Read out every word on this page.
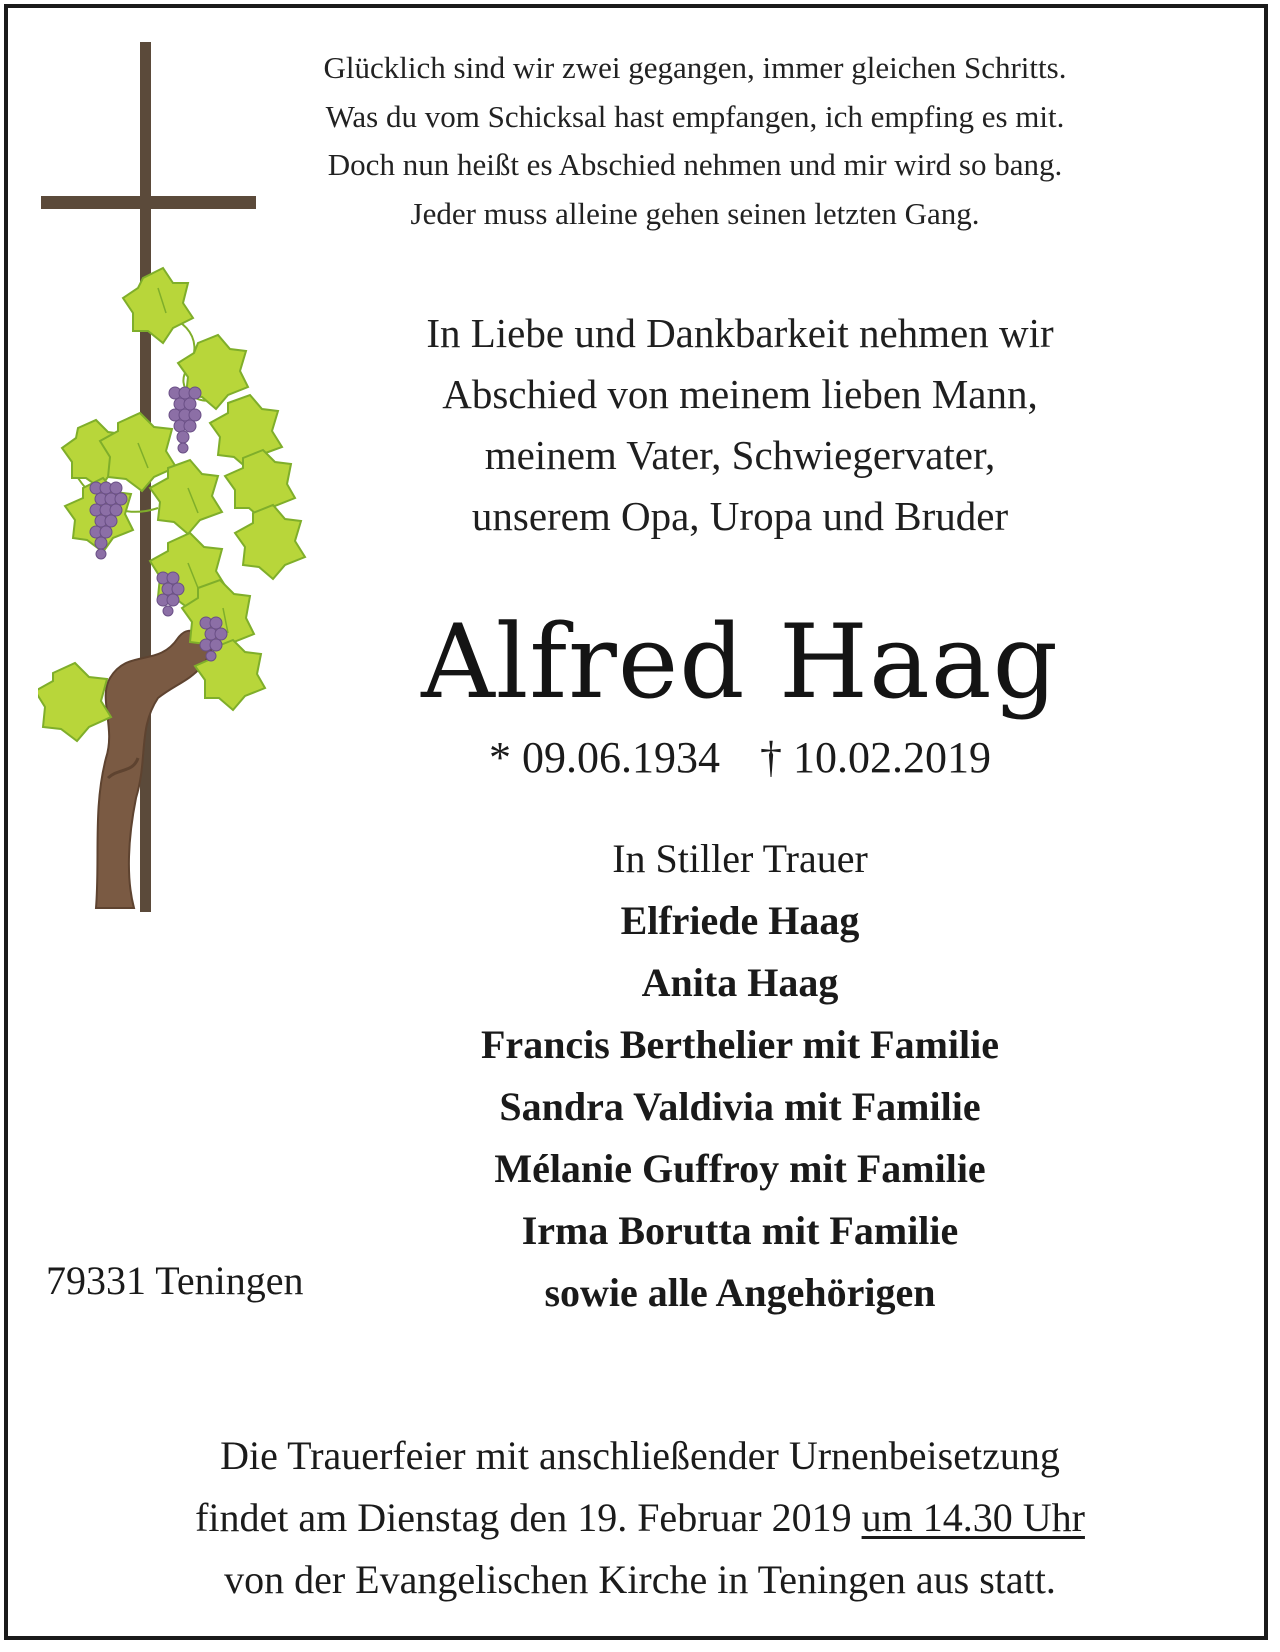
Glücklich sind wir zwei gegangen, immer gleichen Schritts.
Was du vom Schicksal hast empfangen, ich empfing es mit.
Doch nun heißt es Abschied nehmen und mir wird so bang.
Jeder muss alleine gehen seinen letzten Gang.
In Liebe und Dankbarkeit nehmen wir
Abschied von meinem lieben Mann,
meinem Vater, Schwiegervater,
unserem Opa, Uropa und Bruder
Alfred Haag
* 09.06.1934 † 10.02.2019
In Stiller Trauer
Elfriede Haag
Anita Haag
Francis Berthelier mit Familie
Sandra Valdivia mit Familie
Mélanie Guffroy mit Familie
Irma Borutta mit Familie
sowie alle Angehörigen
79331 Teningen
Die Trauerfeier mit anschließender Urnenbeisetzung
findet am Dienstag den 19. Februar 2019 um 14.30 Uhr
von der Evangelischen Kirche in Teningen aus statt.
